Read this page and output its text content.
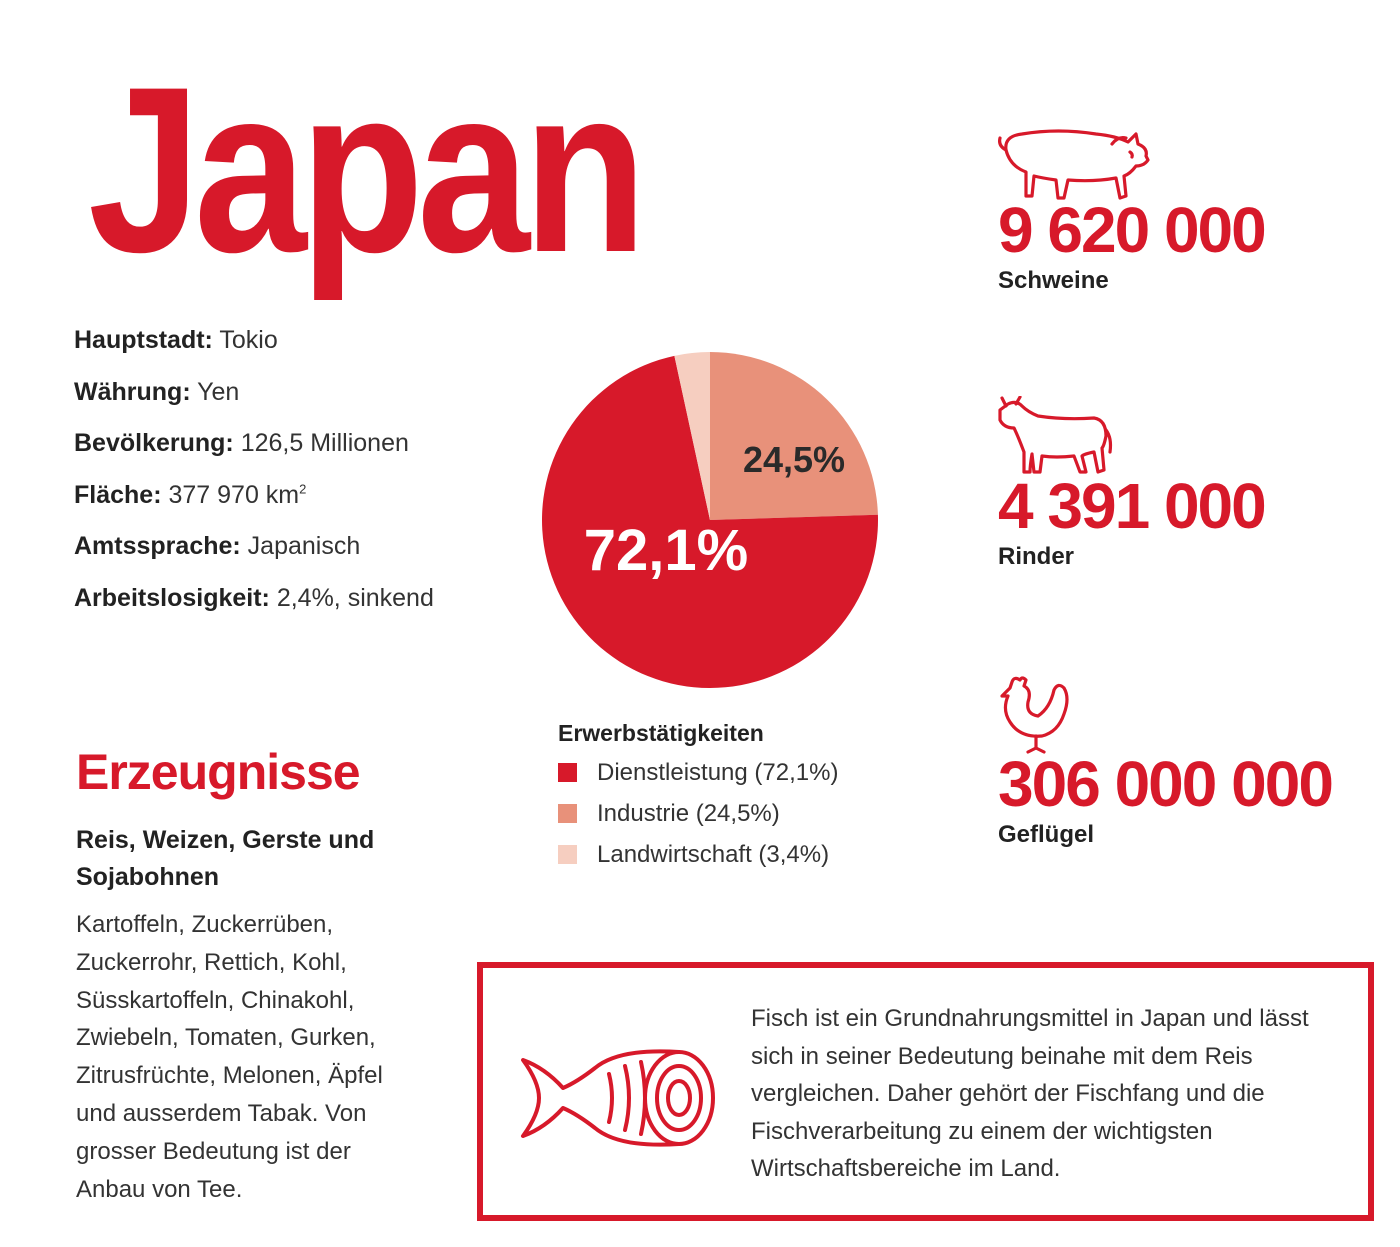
Japan
Hauptstadt: Tokio
Währung: Yen
Bevölkerung: 126,5 Millionen
Fläche: 377 970 $km^2$
Amtssprache: Japanisch
Arbeitslosigkeit: 2,4%, sinkend
Erzeugnisse
Reis, Weizen, Gerste und Sojabohnen
Kartoffeln, Zuckerrüben, Zuckerrohr, Rettich, Kohl, Süsskartoffeln, Chinakohl, Zwiebeln, Tomaten, Gurken, Zitrusfrüchte, Melonen, Äpfel und ausserdem Tabak. Von grosser Bedeutung ist der Anbau von Tee.
72,1%
24,5%
Erwerbstätigkeiten
Dienstleistung (72,1%)
Industrie (24,5%)
Landwirtschaft (3,4%)
9 620 000
Schweine
4 391 000
Rinder
306 000 000
Geflügel
Fisch ist ein Grundnahrungsmittel in Japan und lässt sich in seiner Bedeutung beinahe mit dem Reis vergleichen. Daher gehört der Fischfang und die Fischverarbeitung zu einem der wichtigsten Wirtschaftsbereiche im Land.
